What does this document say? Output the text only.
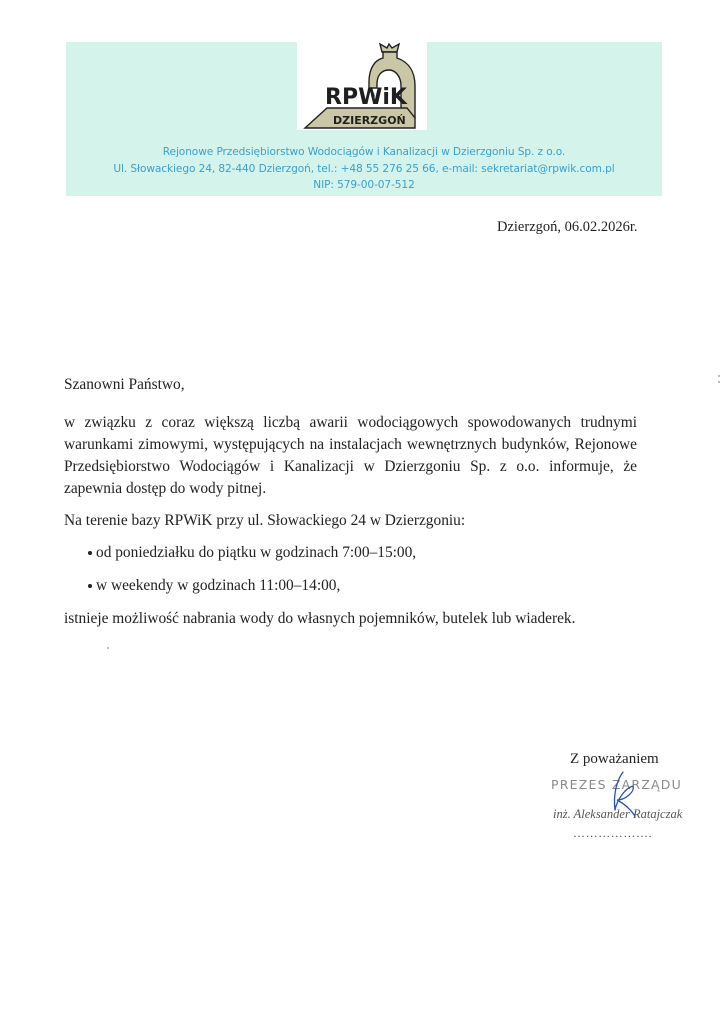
RPWiK
DZIERZGOŃ
Rejonowe Przedsiębiorstwo Wodociągów i Kanalizacji w Dzierzgoniu Sp. z o.o.
Ul. Słowackiego 24, 82-440 Dzierzgoń, tel.: +48 55 276 25 66, e-mail: sekretariat@rpwik.com.pl
NIP: 579-00-07-512
Dzierzgoń, 06.02.2026r.
Szanowni Państwo,
w związku z coraz większą liczbą awarii wodociągowych spowodowanych trudnymi warunkami zimowymi, występujących na instalacjach wewnętrznych budynków, Rejonowe Przedsiębiorstwo Wodociągów i Kanalizacji w Dzierzgoniu Sp. z o.o. informuje, że zapewnia dostęp do wody pitnej.
Na terenie bazy RPWiK przy ul. Słowackiego 24 w Dzierzgoniu:
od poniedziałku do piątku w godzinach 7:00–15:00,
w weekendy w godzinach 11:00–14:00,
istnieje możliwość nabrania wody do własnych pojemników, butelek lub wiaderek.
Z poważaniem
PREZES ZARZĄDU
inż. Aleksander Ratajczak
……………….
